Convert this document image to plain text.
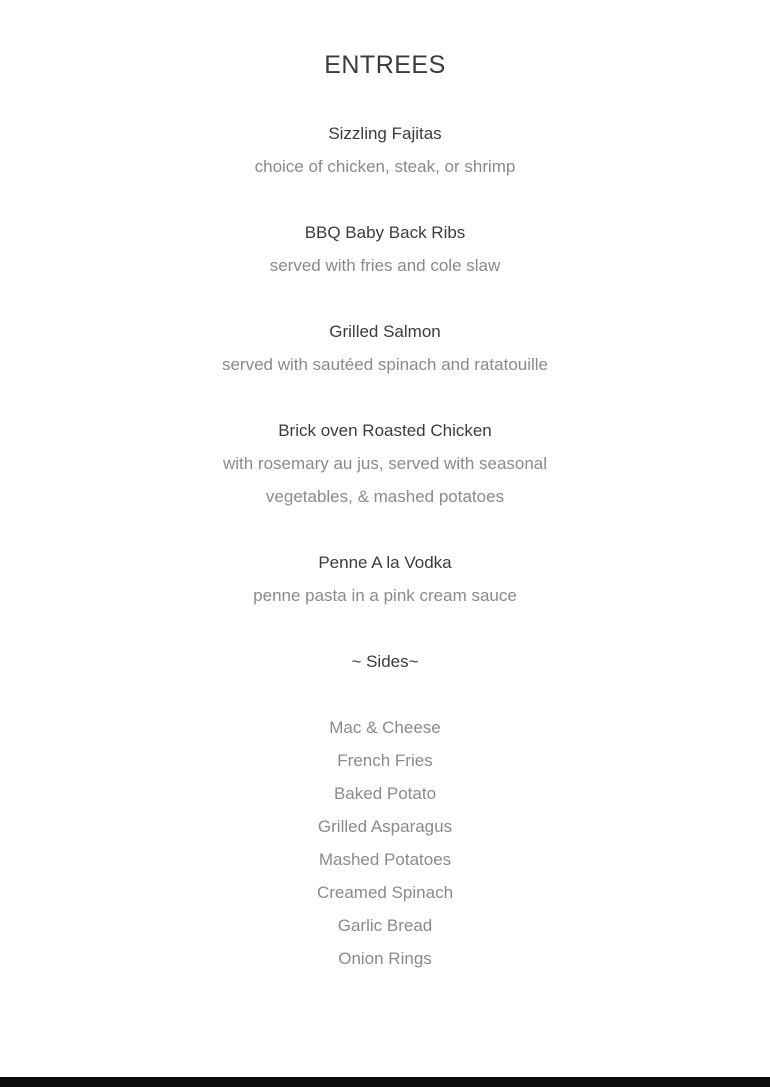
ENTREES
Sizzling Fajitas
choice of chicken, steak, or shrimp
BBQ Baby Back Ribs
served with fries and cole slaw
Grilled Salmon
served with sautéed spinach and ratatouille
Brick oven Roasted Chicken
with rosemary au jus, served with seasonal
vegetables, & mashed potatoes
Penne A la Vodka
penne pasta in a pink cream sauce
~ Sides~
Mac & Cheese
French Fries
Baked Potato
Grilled Asparagus
Mashed Potatoes
Creamed Spinach
Garlic Bread
Onion Rings
